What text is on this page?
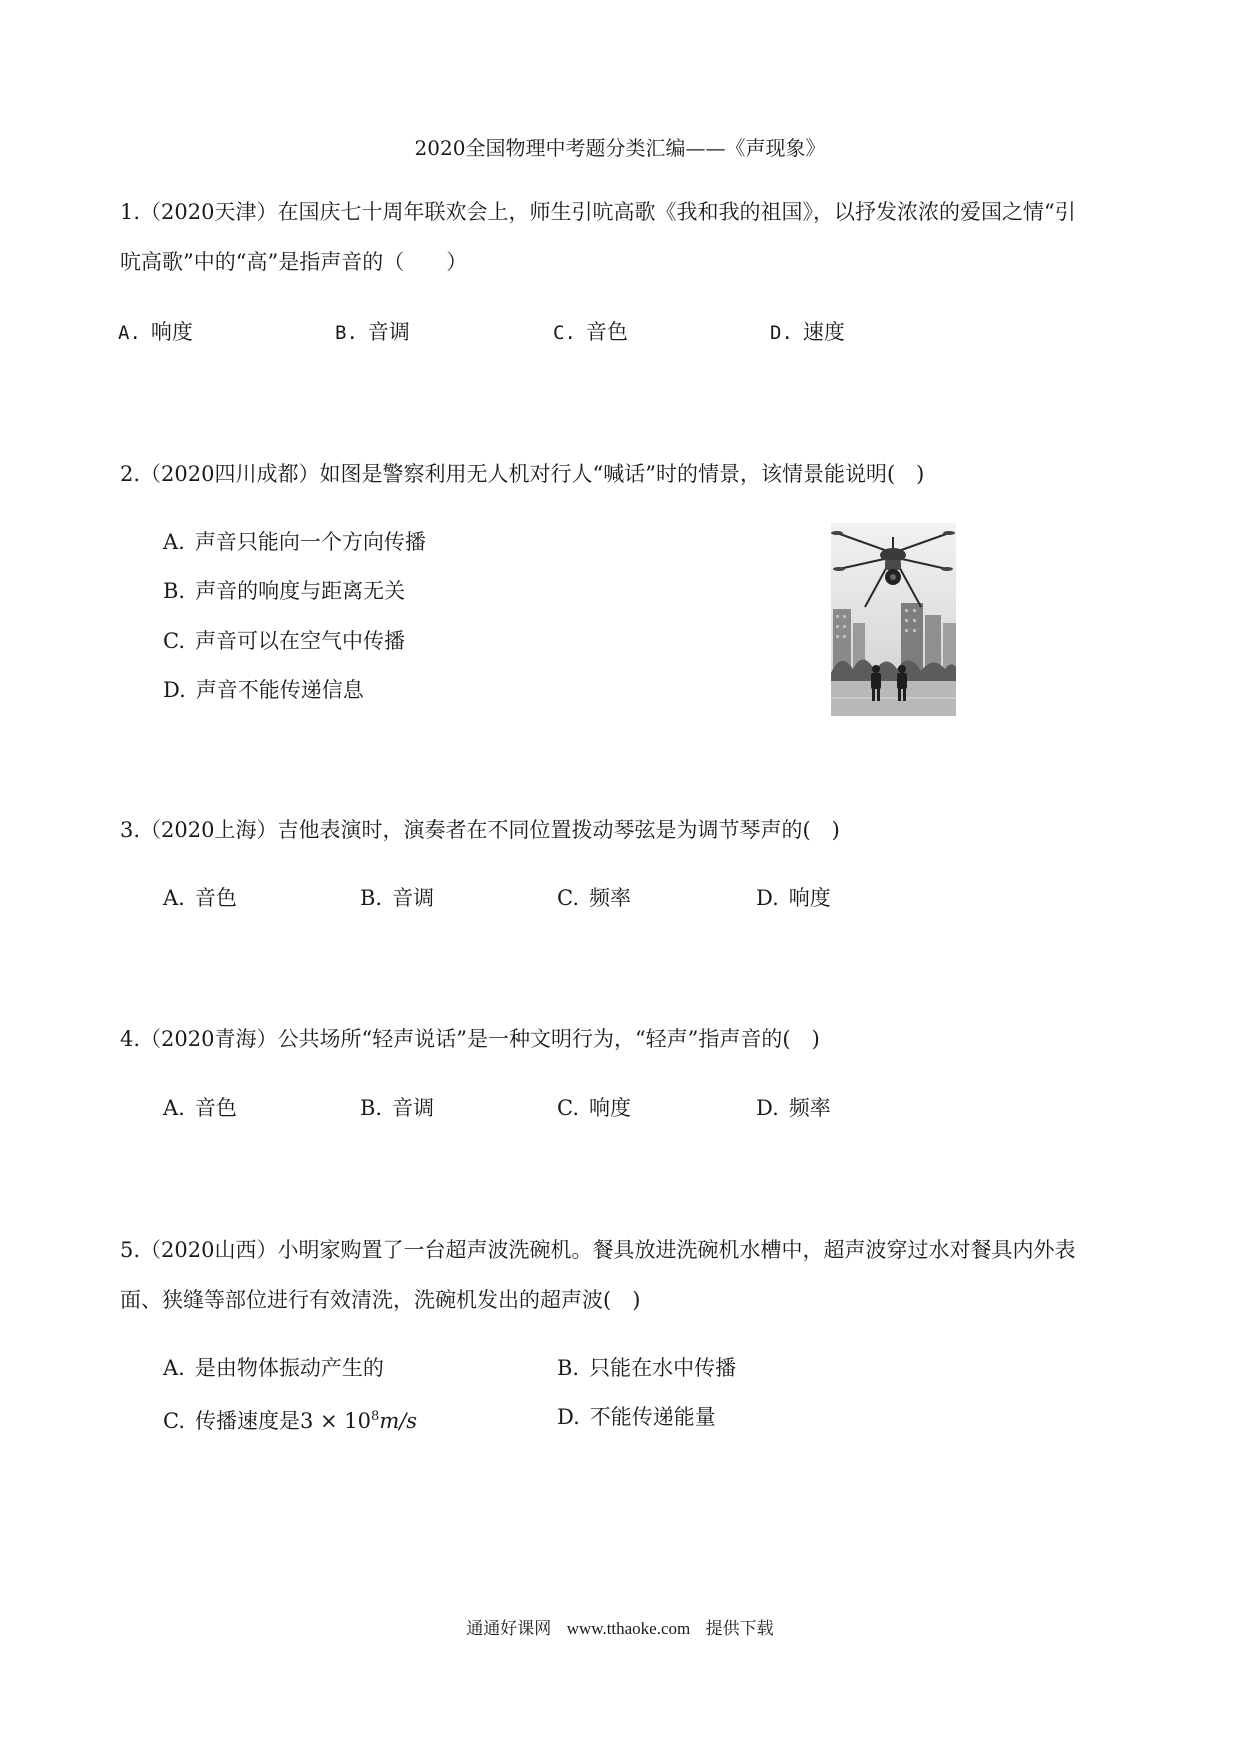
2020全国物理中考题分类汇编——《声现象》
1.（2020天津）在国庆七十周年联欢会上，师生引吭高歌《我和我的祖国》，以抒发浓浓的爱国之情“引
吭高歌”中的“高”是指声音的（　　）
A. 响度	B. 音调	C. 音色	D. 速度
2.（2020四川成都）如图是警察利用无人机对行人“喊话”时的情景，该情景能说明(　)
A. 声音只能向一个方向传播
B. 声音的响度与距离无关
C. 声音可以在空气中传播
D. 声音不能传递信息
3.（2020上海）吉他表演时，演奏者在不同位置拨动琴弦是为调节琴声的(　)
A. 音色	B. 音调	C. 频率	D. 响度
4.（2020青海）公共场所“轻声说话”是一种文明行为，“轻声”指声音的(　)
A. 音色	B. 音调	C. 响度	D. 频率
5.（2020山西）小明家购置了一台超声波洗碗机。餐具放进洗碗机水槽中，超声波穿过水对餐具内外表
面、狭缝等部位进行有效清洗，洗碗机发出的超声波(　)
A. 是由物体振动产生的	B. 只能在水中传播
C. 传播速度是$3 \times 10^8m/s$	D. 不能传递能量
通通好课网 www.tthaoke.com 提供下载
